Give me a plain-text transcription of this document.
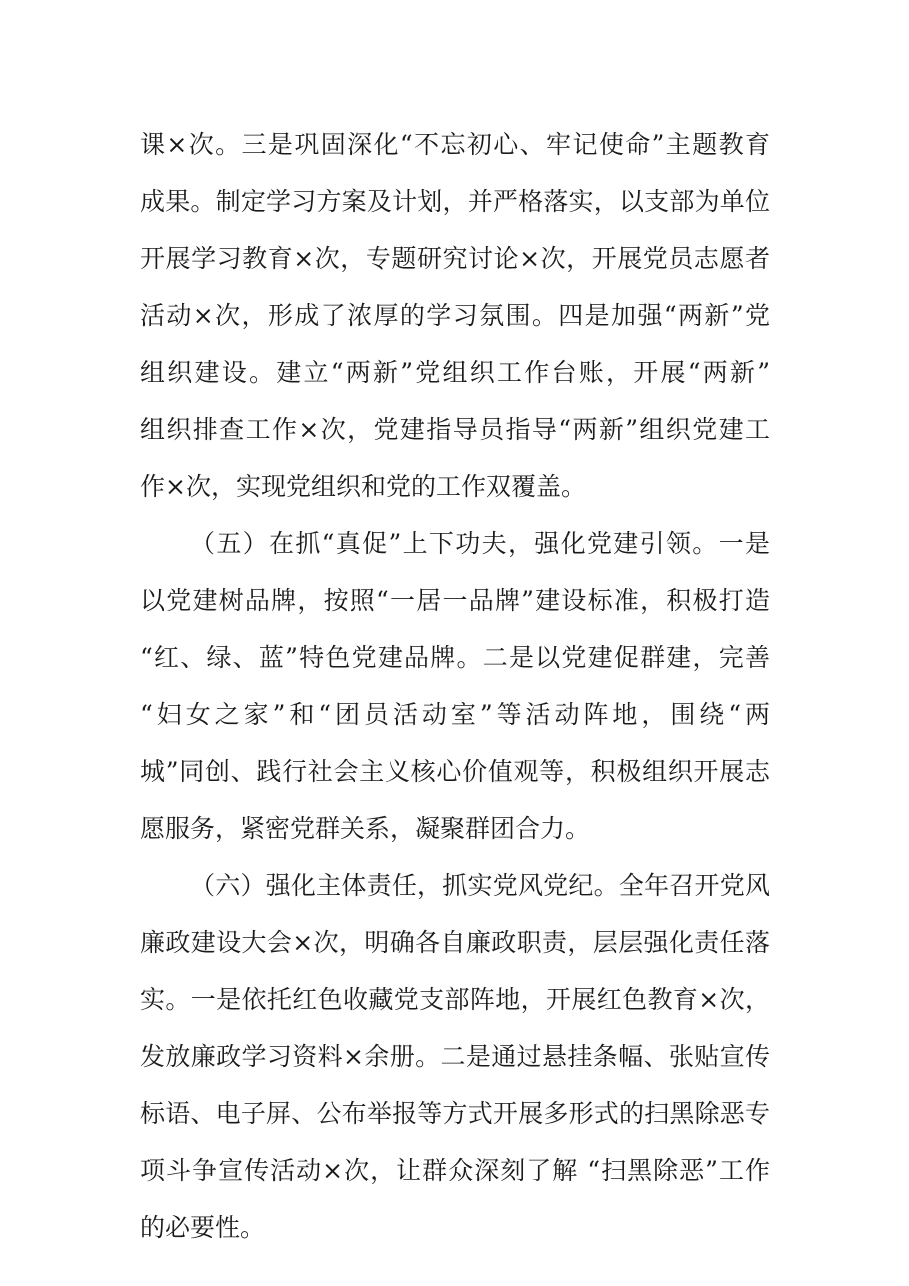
课×次。三是巩固深化“不忘初心、牢记使命”主题教育
成果。制定学习方案及计划，并严格落实，以支部为单位
开展学习教育×次，专题研究讨论×次，开展党员志愿者
活动×次，形成了浓厚的学习氛围。四是加强“两新”党
组织建设。建立“两新”党组织工作台账，开展“两新”
组织排查工作×次，党建指导员指导“两新”组织党建工
作×次，实现党组织和党的工作双覆盖。
（五）在抓“真促”上下功夫，强化党建引领。一是
以党建树品牌，按照“一居一品牌”建设标准，积极打造
“红、绿、蓝”特色党建品牌。二是以党建促群建，完善
“妇女之家”和“团员活动室”等活动阵地，围绕“两
城”同创、践行社会主义核心价值观等，积极组织开展志
愿服务，紧密党群关系，凝聚群团合力。
（六）强化主体责任，抓实党风党纪。全年召开党风
廉政建设大会×次，明确各自廉政职责，层层强化责任落
实。一是依托红色收藏党支部阵地，开展红色教育×次，
发放廉政学习资料×余册。二是通过悬挂条幅、张贴宣传
标语、电子屏、公布举报等方式开展多形式的扫黑除恶专
项斗争宣传活动×次，让群众深刻了解 “扫黑除恶”工作
的必要性。
